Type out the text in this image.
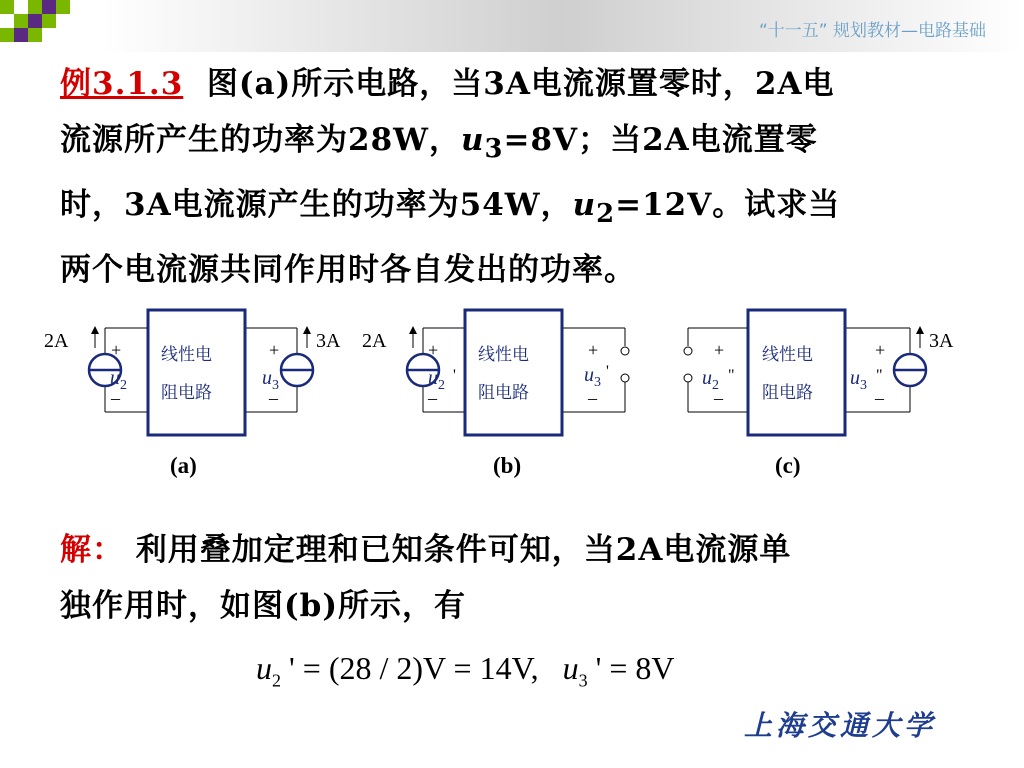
“十一五” 规划教材—电路基础
例3.1.3 图(a)所示电路，当3A电流源置零时，2A电
流源所产生的功率为28W，$u_3=8V$；当2A电流置零
时，3A电流源产生的功率为54W，$u_2=12V$。试求当
两个电流源共同作用时各自发出的功率。
2A	3A
+
u 2
–
线性电
阻电路
+
u 3
–
(a)
2A +
u 2
'
–
线性电
阻电路
+
u 3
'
–
(b)
3A
+
u 2
"
–
线性电
阻电路
+
u 3
"
–
(c)
解： 利用叠加定理和已知条件可知，当2A电流源单
独作用时，如图(b)所示，有
$u_2$ ' = (28 / 2)V = 14V,   $u_3$ ' = 8V
上海交通大学
